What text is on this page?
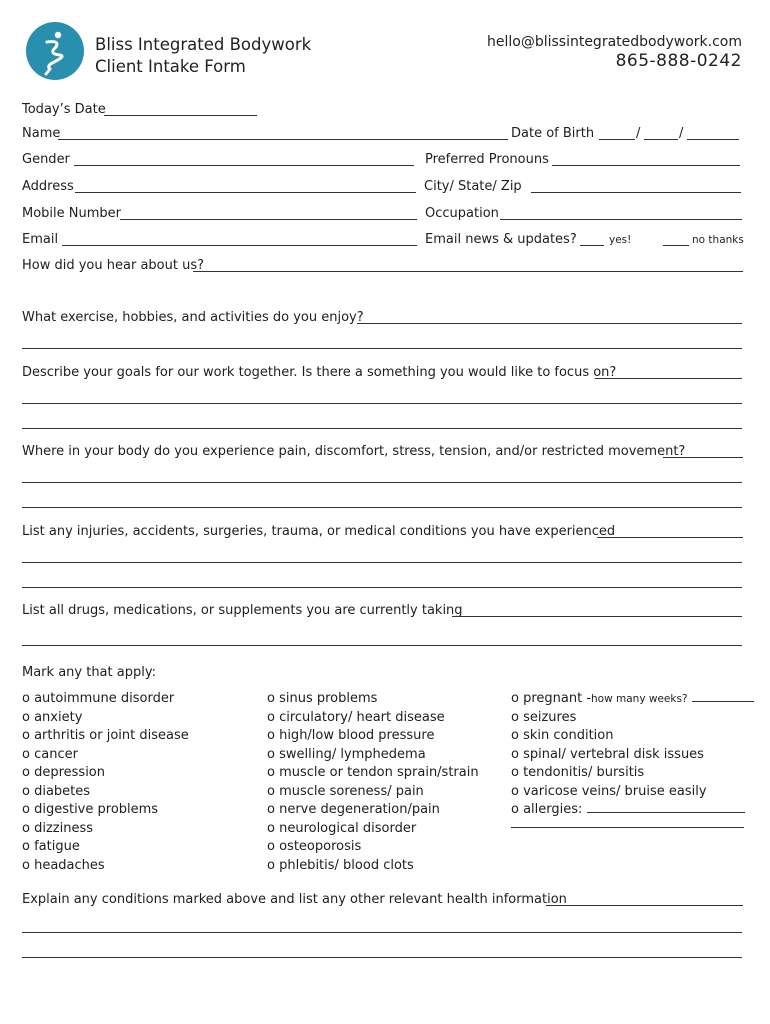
Bliss Integrated Bodywork
Client Intake Form
hello@blissintegratedbodywork.com
865-888-0242
Today’s Date
Name	Date of Birth	/	/
Gender	Preferred Pronouns
Address	City/ State/ Zip
Mobile Number	Occupation
Email	Email news & updates?	yes!	no thanks
How did you hear about us?
What exercise, hobbies, and activities do you enjoy?
Describe your goals for our work together. Is there a something you would like to focus on?
Where in your body do you experience pain, discomfort, stress, tension, and/or restricted movement?
List any injuries, accidents, surgeries, trauma, or medical conditions you have experienced
List all drugs, medications, or supplements you are currently taking
Mark any that apply:
o autoimmune disorder
o anxiety
o arthritis or joint disease
o cancer
o depression
o diabetes
o digestive problems
o dizziness
o fatigue
o headaches
o sinus problems
o circulatory/ heart disease
o high/low blood pressure
o swelling/ lymphedema
o muscle or tendon sprain/strain
o muscle soreness/ pain
o nerve degeneration/pain
o neurological disorder
o osteoporosis
o phlebitis/ blood clots
o pregnant -how many weeks?
o seizures
o skin condition
o spinal/ vertebral disk issues
o tendonitis/ bursitis
o varicose veins/ bruise easily
o allergies:
Explain any conditions marked above and list any other relevant health information
